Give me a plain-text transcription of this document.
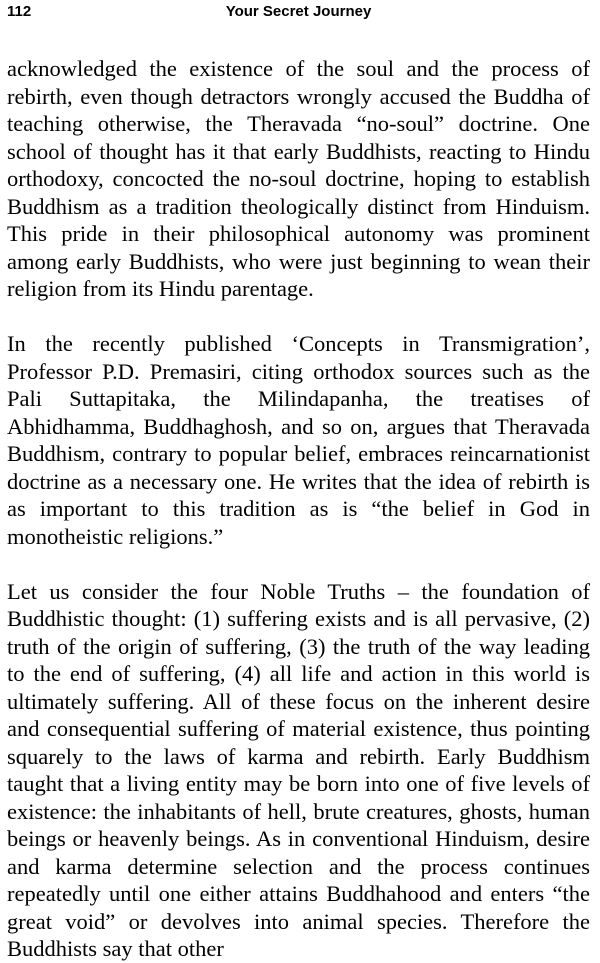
112	Your Secret Journey

acknowledged the existence of the soul and the process of rebirth, even though detractors wrongly accused the Buddha of teaching otherwise, the Theravada “no-soul” doctrine. One school of thought has it that early Buddhists, reacting to Hindu orthodoxy, concocted the no-soul doctrine, hoping to establish Buddhism as a tradition theologically distinct from Hinduism. This pride in their philosophical autonomy was prominent among early Buddhists, who were just beginning to wean their religion from its Hindu parentage.

In the recently published ‘Concepts in Transmigration’, Professor P.D. Premasiri, citing orthodox sources such as the Pali Suttapitaka, the Milindapanha, the treatises of Abhidhamma, Buddhaghosh, and so on, argues that Theravada Buddhism, contrary to popular belief, embraces reincarnationist doctrine as a necessary one. He writes that the idea of rebirth is as important to this tradition as is “the belief in God in monotheistic religions.”

Let us consider the four Noble Truths – the foundation of Buddhistic thought: (1) suffering exists and is all pervasive, (2) truth of the origin of suffering, (3) the truth of the way leading to the end of suffering, (4) all life and action in this world is ultimately suffering. All of these focus on the inherent desire and consequential suffering of material existence, thus pointing squarely to the laws of karma and rebirth. Early Buddhism taught that a living entity may be born into one of five levels of existence: the inhabitants of hell, brute creatures, ghosts, human beings or heavenly beings. As in conventional Hinduism, desire and karma determine selection and the process continues repeatedly until one either attains Buddhahood and enters “the great void” or devolves into animal species. Therefore the Buddhists say that other
